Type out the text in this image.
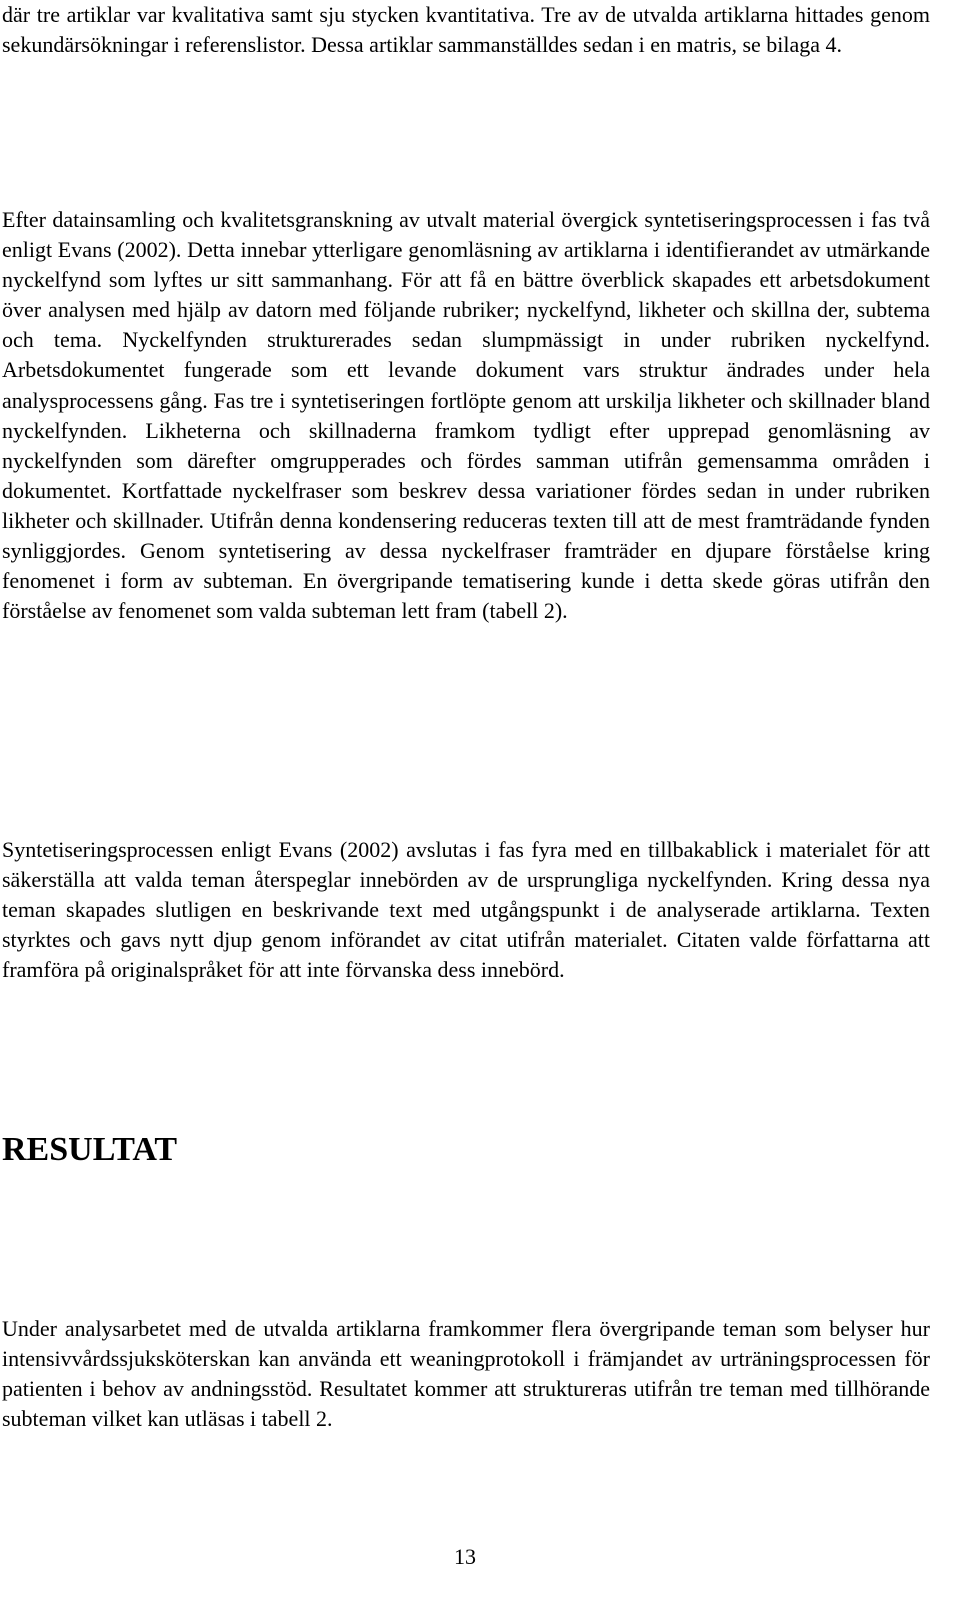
där tre artiklar var kvalitativa samt sju stycken kvantitativa. Tre av de utvalda artiklarna hittades genom sekundärsökningar i referenslistor. Dessa artiklar sammanställdes sedan i en matris, se bilaga 4.

Efter datainsamling och kvalitetsgranskning av utvalt material övergick syntetiseringsprocessen i fas två enligt Evans (2002). Detta innebar ytterligare genomläsning av artiklarna i identifierandet av utmärkande nyckelfynd som lyftes ur sitt sammanhang. För att få en bättre överblick skapades ett arbetsdokument över analysen med hjälp av datorn med följande rubriker; nyckelfynd, likheter och skillna der, subtema och tema. Nyckelfynden strukturerades sedan slumpmässigt in under rubriken nyckelfynd. Arbetsdokumentet fungerade som ett levande dokument vars struktur ändrades under hela analysprocessens gång. Fas tre i syntetiseringen fortlöpte genom att urskilja likheter och skillnader bland nyckelfynden. Likheterna och skillnaderna framkom tydligt efter upprepad genomläsning av nyckelfynden som därefter omgrupperades och fördes samman utifrån gemensamma områden i dokumentet. Kortfattade nyckelfraser som beskrev dessa variationer fördes sedan in under rubriken likheter och skillnader. Utifrån denna kondensering reduceras texten till att de mest framträdande fynden synliggjordes. Genom syntetisering av dessa nyckelfraser framträder en djupare förståelse kring fenomenet i form av subteman. En övergripande tematisering kunde i detta skede göras utifrån den förståelse av fenomenet som valda subteman lett fram (tabell 2).

Syntetiseringsprocessen enligt Evans (2002) avslutas i fas fyra med en tillbakablick i materialet för att säkerställa att valda teman återspeglar innebörden av de ursprungliga nyckelfynden. Kring dessa nya teman skapades slutligen en beskrivande text med utgångspunkt i de analyserade artiklarna. Texten styrktes och gavs nytt djup genom införandet av citat utifrån materialet. Citaten valde författarna att framföra på originalspråket för att inte förvanska dess innebörd.

RESULTAT

Under analysarbetet med de utvalda artiklarna framkommer flera övergripande teman som belyser hur intensivvårdssjuksköterskan kan använda ett weaningprotokoll i främjandet av urträningsprocessen för patienten i behov av andningsstöd. Resultatet kommer att struktureras utifrån tre teman med tillhörande subteman vilket kan utläsas i tabell 2.

13
